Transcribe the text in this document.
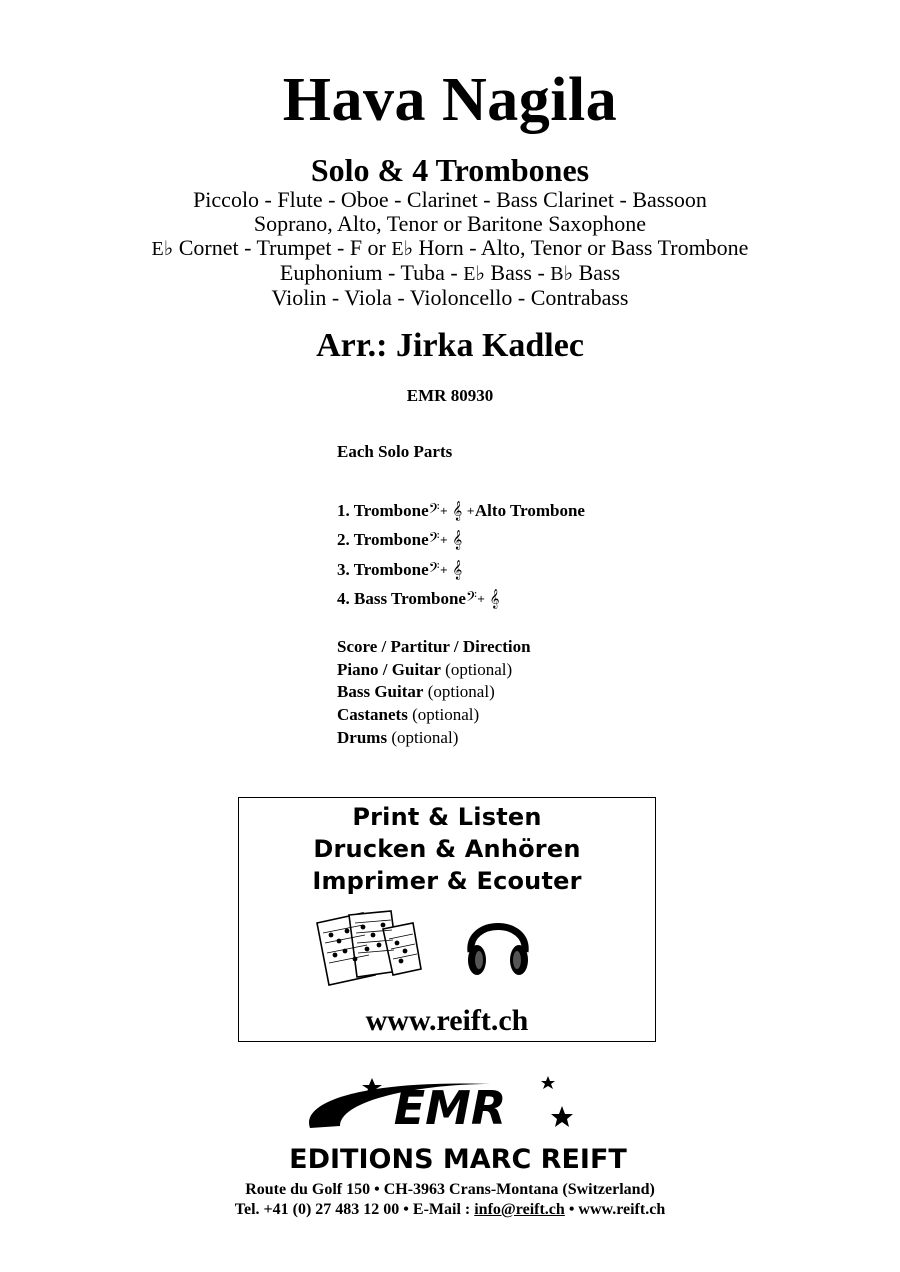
Hava Nagila
Solo & 4 Trombones
Piccolo - Flute - Oboe - Clarinet - Bass Clarinet - Bassoon
Soprano, Alto, Tenor or Baritone Saxophone
E♭ Cornet - Trumpet - F or E♭ Horn - Alto, Tenor or Bass Trombone
Euphonium - Tuba - E♭ Bass - B♭ Bass
Violin - Viola - Violoncello - Contrabass
Arr.: Jirka Kadlec
EMR 80930
Each Solo Parts
1. Trombone𝄢+ 𝄞 +Alto Trombone
2. Trombone𝄢+ 𝄞
3. Trombone𝄢+ 𝄞
4. Bass Trombone𝄢+ 𝄞
Score / Partitur / Direction
Piano / Guitar (optional)
Bass Guitar (optional)
Castanets (optional)
Drums (optional)
Print & Listen
Drucken & Anhören
Imprimer & Ecouter
www.reift.ch
EMR
EDITIONS MARC REIFT
Route du Golf 150 • CH-3963 Crans-Montana (Switzerland)
Tel. +41 (0) 27 483 12 00 • E-Mail : info@reift.ch • www.reift.ch
